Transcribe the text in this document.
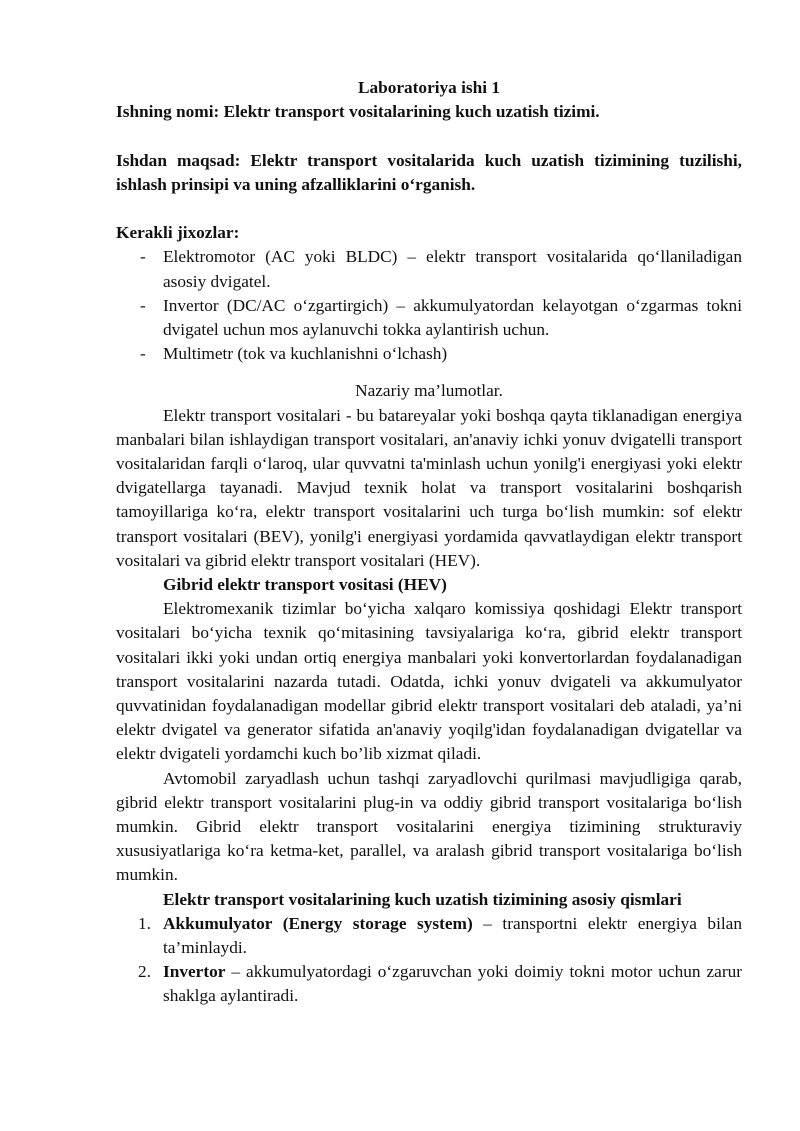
Laboratoriya ishi 1

Ishning nomi: Elektr transport vositalarining kuch uzatish tizimi.

Ishdan maqsad: Elektr transport vositalarida kuch uzatish tizimining tuzilishi, ishlash prinsipi va uning afzalliklarini o‘rganish.

Kerakli jixozlar:

- Elektromotor (AC yoki BLDC) – elektr transport vositalarida qo‘llaniladigan asosiy dvigatel.
- Invertor (DC/AC o‘zgartirgich) – akkumulyatordan kelayotgan o‘zgarmas tokni dvigatel uchun mos aylanuvchi tokka aylantirish uchun.
- Multimetr (tok va kuchlanishni o‘lchash)

Nazariy ma’lumotlar.

Elektr transport vositalari - bu batareyalar yoki boshqa qayta tiklanadigan energiya manbalari bilan ishlaydigan transport vositalari, an'anaviy ichki yonuv dvigatelli transport vositalaridan farqli o‘laroq, ular quvvatni ta'minlash uchun yonilg'i energiyasi yoki elektr dvigatellarga tayanadi. Mavjud texnik holat va transport vositalarini boshqarish tamoyillariga ko‘ra, elektr transport vositalarini uch turga bo‘lish mumkin: sof elektr transport vositalari (BEV), yonilg'i energiyasi yordamida qavvatlaydigan elektr transport vositalari va gibrid elektr transport vositalari (HEV).

Gibrid elektr transport vositasi (HEV)

Elektromexanik tizimlar bo‘yicha xalqaro komissiya qoshidagi Elektr transport vositalari bo‘yicha texnik qo‘mitasining tavsiyalariga ko‘ra, gibrid elektr transport vositalari ikki yoki undan ortiq energiya manbalari yoki konvertorlardan foydalanadigan transport vositalarini nazarda tutadi. Odatda, ichki yonuv dvigateli va akkumulyator quvvatinidan foydalanadigan modellar gibrid elektr transport vositalari deb ataladi, ya’ni elektr dvigatel va generator sifatida an'anaviy yoqilg'idan foydalanadigan dvigatellar va elektr dvigateli yordamchi kuch bo’lib xizmat qiladi.

Avtomobil zaryadlash uchun tashqi zaryadlovchi qurilmasi mavjudligiga qarab, gibrid elektr transport vositalarini plug-in va oddiy gibrid transport vositalariga bo‘lish mumkin. Gibrid elektr transport vositalarini energiya tizimining strukturaviy xususiyatlariga ko‘ra ketma-ket, parallel, va aralash gibrid transport vositalariga bo‘lish mumkin.

Elektr transport vositalarining kuch uzatish tizimining asosiy qismlari

1. Akkumulyator (Energy storage system) – transportni elektr energiya bilan ta’minlaydi.
2. Invertor – akkumulyatordagi o‘zgaruvchan yoki doimiy tokni motor uchun zarur shaklga aylantiradi.
